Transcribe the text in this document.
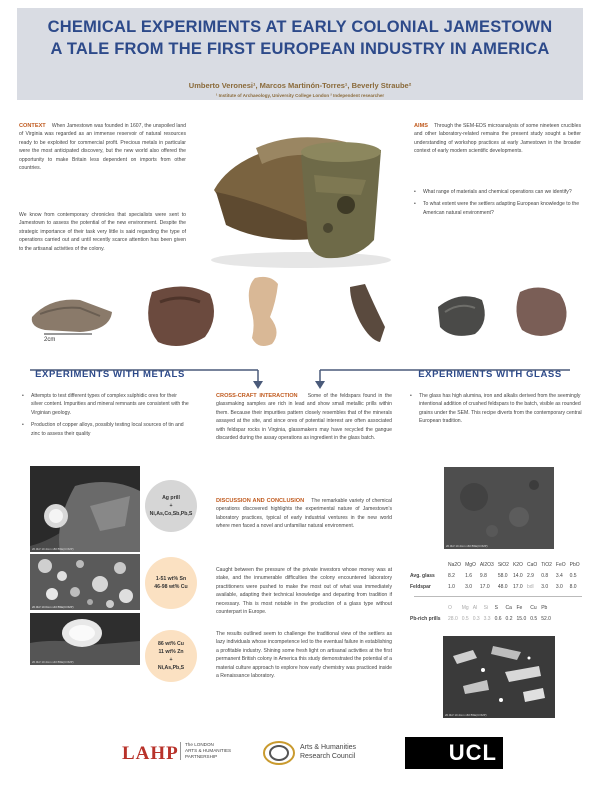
CHEMICAL EXPERIMENTS AT EARLY COLONIAL JAMESTOWN
A TALE FROM THE FIRST EUROPEAN INDUSTRY IN AMERICA
Umberto Veronesi¹, Marcos Martinón-Torres¹, Beverly Straube²
¹ Institute of Archaeology, University College London ² Independent researcher

CONTEXT When Jamestown was founded in 1607, the unspoiled land of Virginia was regarded as an immense reservoir of natural resources ready to be exploited for commercial profit. Precious metals in particular were the most anticipated discovery, but the new world also offered the opportunity to make Britain less dependent on imports from other countries.

We know from contemporary chronicles that specialists were sent to Jamestown to assess the potential of the new environment. Despite the strategic importance of their task very little is said regarding the type of operations carried out and until recently scarce attention has been given to the artisanal activities of the colony.

AIMS Through the SEM-EDS microanalysis of some nineteen crucibles and other laboratory-related remains the present study sought a better understanding of workshop practices at early Jamestown in the broader context of early modern scientific developments.

• What range of materials and chemical operations can we identify?
• To what extent were the settlers adapting European knowledge to the American natural environment?
2cm
EXPERIMENTS WITH METALS	EXPERIMENTS WITH GLASS
• Attempts to test different types of complex sulphidic ores for their silver content. Impurities and mineral remnants are consistent with the Virginian geology.
• Production of copper alloys, possibly testing local sources of tin and zinc to assess their quality
20.0kV 10.4mm x80 BSE(COMP)
Ag prill
+
Ni,As,Co,Sb,Pb,S
20.0kV 10.6mm x40 BSE(COMP)
1-51 wt% Sn
46-98 wt% Cu
20.0kV 10.4mm x40 BSE(COMP)
86 wt% Cu
11 wt% Zn
+
Ni,As,Pb,S

CROSS-CRAFT INTERACTION Some of the feldspars found in the glassmaking samples are rich in lead and show small metallic prills within them. Because their impurities pattern closely resembles that of the minerals assayed at the site, and since ores of potential interest are often associated with feldspar rocks in Virginia, glassmakers may have recycled the gangue discarded during the assay operations as ingredient in the glass batch.

DISCUSSION AND CONCLUSION The remarkable variety of chemical operations discovered highlights the experimental nature of Jamestown's laboratory practices, typical of early industrial ventures in the new world where men faced a novel and unfamiliar natural environment.

Caught between the pressure of the private investors whose money was at stake, and the innumerable difficulties the colony encountered laboratory practitioners were pushed to make the most out of what was immediately available, adapting their technical knowledge and departing from tradition if necessary. This is most notable in the production of a glass type without counterpart in Europe.

The results outlined seem to challenge the traditional view of the settlers as lazy individuals whose incompetence led to the eventual failure in establishing a profitable industry. Shining some fresh light on artisanal activities at the first permanent British colony in America this study demonstrated the potential of a material culture approach to explore how early chemistry was practiced inside a Renaissance laboratory.

• The glass has high alumina, iron and alkalis derived from the seemingly intentional addition of crushed feldspars to the batch, visible as rounded grains under the SEM. This recipe diverts from the contemporary central European tradition.
20.0kV 10.4mm x60 BSE(COMP)
	Na2O	MgO	Al2O3	SiO2	K2O	CaO	TiO2	FeO	PbO
Avg. glass	8.2	1.6	9.8	58.0	14.0	2.9	0.8	3.4	0.5
Feldspar	1.0	3.0	17.0	48.0	17.0	bdl	3.0	3.0	8.0
	O	Mg	Al	Si	S	Ca	Fe	Cu	Pb
Pb-rich prills	28.0	0.5	0.3	3.3	0.6	0.2	15.0	0.5	52.0
20.0kV 10.4mm x60 BSE(COMP)
LAHP The LONDON
ARTS & HUMANITIES
PARTNERSHIP
Arts & Humanities
Research Council	UCL
